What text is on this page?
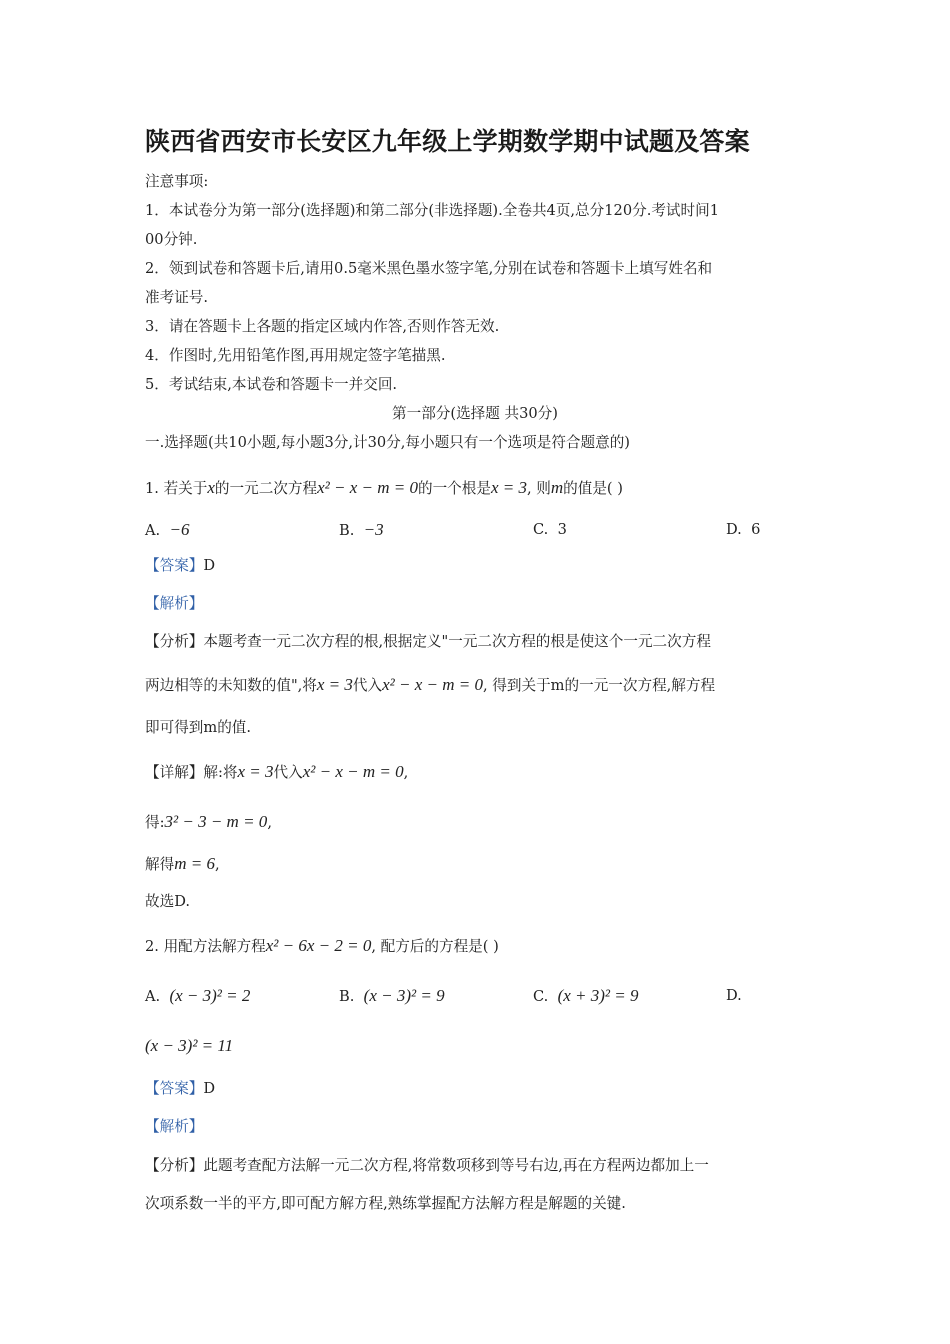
陕西省西安市长安区九年级上学期数学期中试题及答案
注意事项:
1．本试卷分为第一部分(选择题)和第二部分(非选择题).全卷共4页,总分120分.考试时间1
00分钟.
2．领到试卷和答题卡后,请用0.5毫米黑色墨水签字笔,分别在试卷和答题卡上填写姓名和
准考证号.
3．请在答题卡上各题的指定区域内作答,否则作答无效.
4．作图时,先用铅笔作图,再用规定签字笔描黑.
5．考试结束,本试卷和答题卡一并交回.
第一部分(选择题 共30分)
一.选择题(共10小题,每小题3分,计30分,每小题只有一个选项是符合题意的)
1. 若关于x的一元二次方程x² − x − m = 0的一个根是x = 3, 则m的值是( )
A. −6	B. −3	C. 3	D. 6
【答案】D
【解析】
【分析】本题考查一元二次方程的根,根据定义"一元二次方程的根是使这个一元二次方程
两边相等的未知数的值",将x = 3代入x² − x − m = 0, 得到关于m的一元一次方程,解方程
即可得到m的值.
【详解】解:将x = 3代入x² − x − m = 0,
得:3² − 3 − m = 0,
解得m = 6,
故选D.
2. 用配方法解方程x² − 6x − 2 = 0, 配方后的方程是( )
A. (x − 3)² = 2	B. (x − 3)² = 9	C. (x + 3)² = 9	D.
(x − 3)² = 11
【答案】D
【解析】
【分析】此题考查配方法解一元二次方程,将常数项移到等号右边,再在方程两边都加上一
次项系数一半的平方,即可配方解方程,熟练掌握配方法解方程是解题的关键.
